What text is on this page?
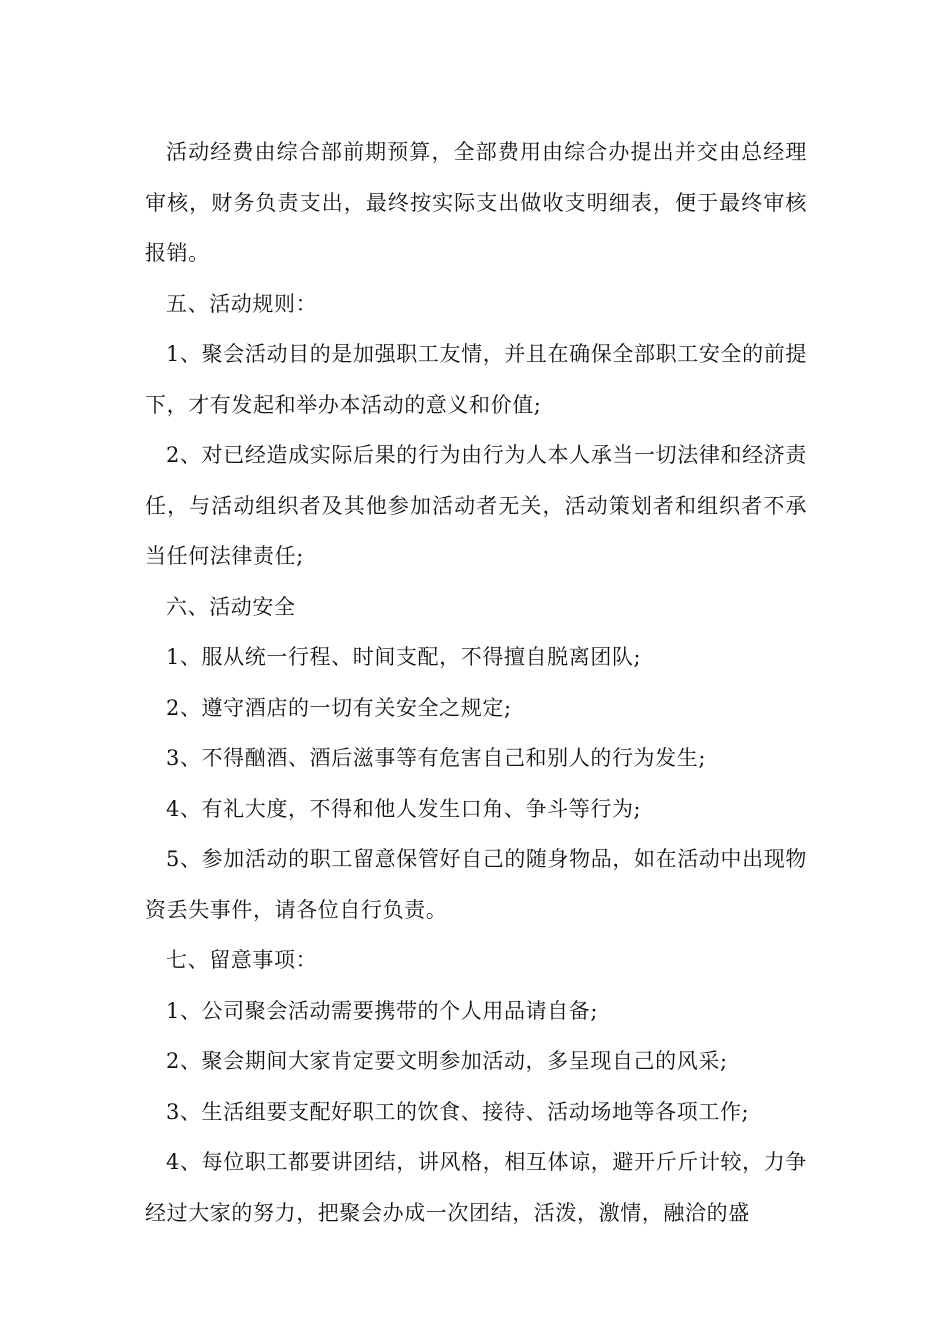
活动经费由综合部前期预算，全部费用由综合办提出并交由总经理审核，财务负责支出，最终按实际支出做收支明细表，便于最终审核报销。

五、活动规则：

1、聚会活动目的是加强职工友情，并且在确保全部职工安全的前提下，才有发起和举办本活动的意义和价值;

2、对已经造成实际后果的行为由行为人本人承当一切法律和经济责任，与活动组织者及其他参加活动者无关，活动策划者和组织者不承当任何法律责任;

六、活动安全

1、服从统一行程、时间支配，不得擅自脱离团队;

2、遵守酒店的一切有关安全之规定;

3、不得酗酒、酒后滋事等有危害自己和别人的行为发生;

4、有礼大度，不得和他人发生口角、争斗等行为;

5、参加活动的职工留意保管好自己的随身物品，如在活动中出现物资丢失事件，请各位自行负责。

七、留意事项：

1、公司聚会活动需要携带的个人用品请自备;

2、聚会期间大家肯定要文明参加活动，多呈现自己的风采;

3、生活组要支配好职工的饮食、接待、活动场地等各项工作;

4、每位职工都要讲团结，讲风格，相互体谅，避开斤斤计较，力争经过大家的努力，把聚会办成一次团结，活泼，激情，融洽的盛
